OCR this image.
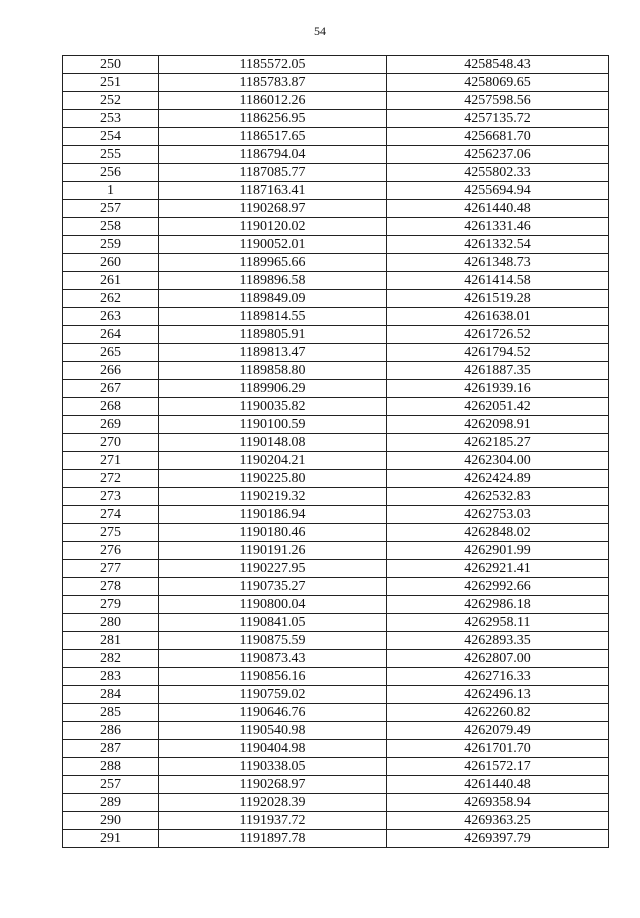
54
250	1185572.05	4258548.43
251	1185783.87	4258069.65
252	1186012.26	4257598.56
253	1186256.95	4257135.72
254	1186517.65	4256681.70
255	1186794.04	4256237.06
256	1187085.77	4255802.33
1	1187163.41	4255694.94
257	1190268.97	4261440.48
258	1190120.02	4261331.46
259	1190052.01	4261332.54
260	1189965.66	4261348.73
261	1189896.58	4261414.58
262	1189849.09	4261519.28
263	1189814.55	4261638.01
264	1189805.91	4261726.52
265	1189813.47	4261794.52
266	1189858.80	4261887.35
267	1189906.29	4261939.16
268	1190035.82	4262051.42
269	1190100.59	4262098.91
270	1190148.08	4262185.27
271	1190204.21	4262304.00
272	1190225.80	4262424.89
273	1190219.32	4262532.83
274	1190186.94	4262753.03
275	1190180.46	4262848.02
276	1190191.26	4262901.99
277	1190227.95	4262921.41
278	1190735.27	4262992.66
279	1190800.04	4262986.18
280	1190841.05	4262958.11
281	1190875.59	4262893.35
282	1190873.43	4262807.00
283	1190856.16	4262716.33
284	1190759.02	4262496.13
285	1190646.76	4262260.82
286	1190540.98	4262079.49
287	1190404.98	4261701.70
288	1190338.05	4261572.17
257	1190268.97	4261440.48
289	1192028.39	4269358.94
290	1191937.72	4269363.25
291	1191897.78	4269397.79
